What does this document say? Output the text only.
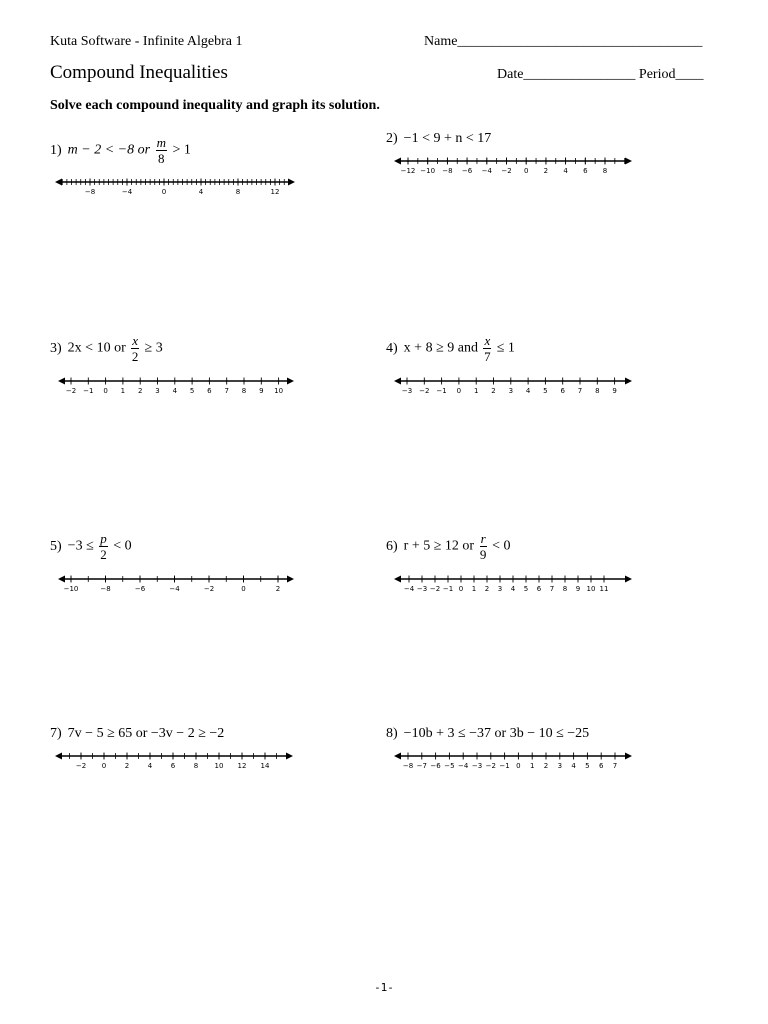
Kuta Software - Infinite Algebra 1
Compound Inequalities
Name___________________________________
Date________________ Period____
Solve each compound inequality and graph its solution.
1) m − 2 < −8 or $\frac{m}{8} > 1$
−8	−4	0	4	8	12
2) −1 < 9 + n < 17
−12 −10 −8 −6 −4 −2 0 2 4 6 8
3) 2x < 10 or $\frac{x}{2} \ge 3$
−2 −1 0 1 2 3 4 5 6 7 8 9 10
4) x + 8 ≥ 9 and $\frac{x}{7} \le 1$
−3 −2 −1 0 1 2 3 4 5 6 7 8 9
$5) -3 \le \frac{p}{2} < 0$
−10	−8	−6	−4	−2	0	2
6) r + 5 ≥ 12 or $\frac{r}{9} < 0$
−4 −3 −2 −1 0 1 2 3 4 5 6 7 8 9 10 11
7) 7v − 5 ≥ 65 or −3v − 2 ≥ −2
−2 0	2	4	6	8 10 12 14
8) −10b + 3 ≤ −37 or 3b − 10 ≤ −25
−8 −7 −6 −5 −4 −3 −2 −1 0 1 2 3 4 5 6 7
-1-
